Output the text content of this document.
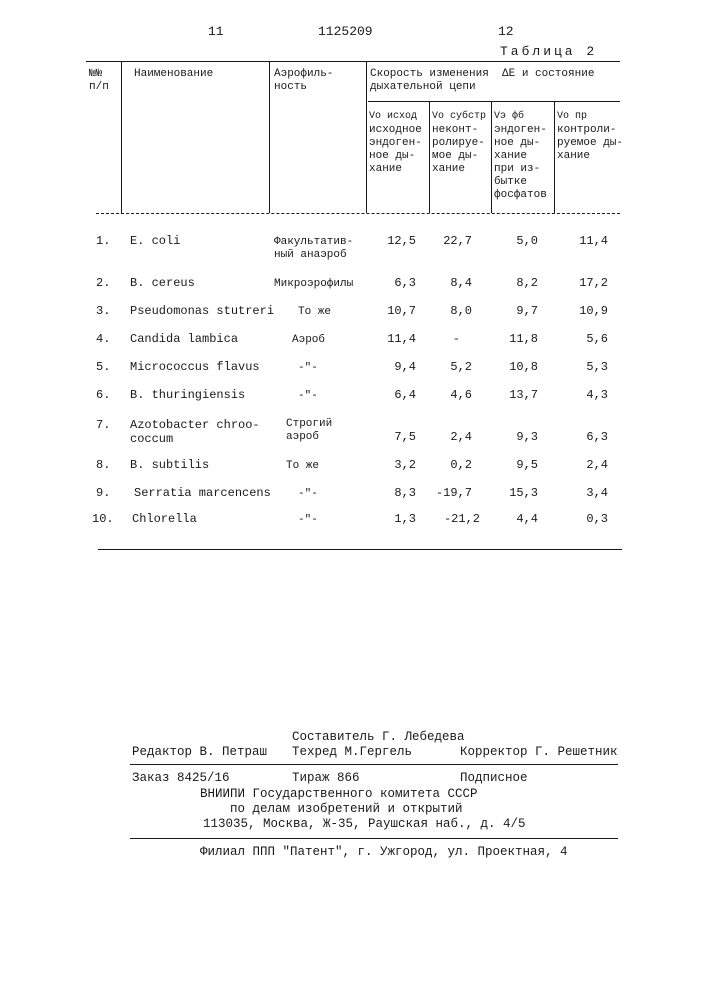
11	1125209	12
Таблица 2
№№
п/п
Наименование	Аэрофиль-
ность
Скорость изменения  ΔE и состояние
дыхательной цепи
Vo исход
исходное
эндоген-
ное ды-
хание
Vo субстр
неконт-
ролируе-
мое ды-
хание
Vэ фб
эндоген-
ное ды-
хание
при из-
бытке
фосфатов
Vo пр
контроли-
руемое ды-
хание
1. E. coli	Факультатив-
ный анаэроб
12,5	22,7	5,0	11,4
2. B. cereus	Микроэрофилы	6,3	8,4	8,2	17,2
3. Pseudomonas stutreri То же	10,7	8,0	9,7	10,9
4. Candida lambica	Аэроб	11,4	-	11,8	5,6
5. Micrococcus flavus	-"-	9,4	5,2	10,8	5,3
6. B. thuringiensis	-"-	6,4	4,6	13,7	4,3
7. Azotobacter chroo-
coccum
Строгий
аэроб	7,5	2,4	9,3	6,3
8. B. subtilis	То же	3,2	0,2	9,5	2,4
9. Serratia marcencens -"-	8,3	-19,7	15,3	3,4
10. Chlorella	-"-	1,3	-21,2	4,4	0,3
Составитель Г. Лебедева
Редактор В. Петраш Техред М.Гергель	Корректор Г. Решетник
Заказ 8425/16	Тираж 866	Подписное
ВНИИПИ Государственного комитета СССР
по делам изобретений и открытий
113035, Москва, Ж-35, Раушская наб., д. 4/5
Филиал ППП "Патент", г. Ужгород, ул. Проектная, 4
